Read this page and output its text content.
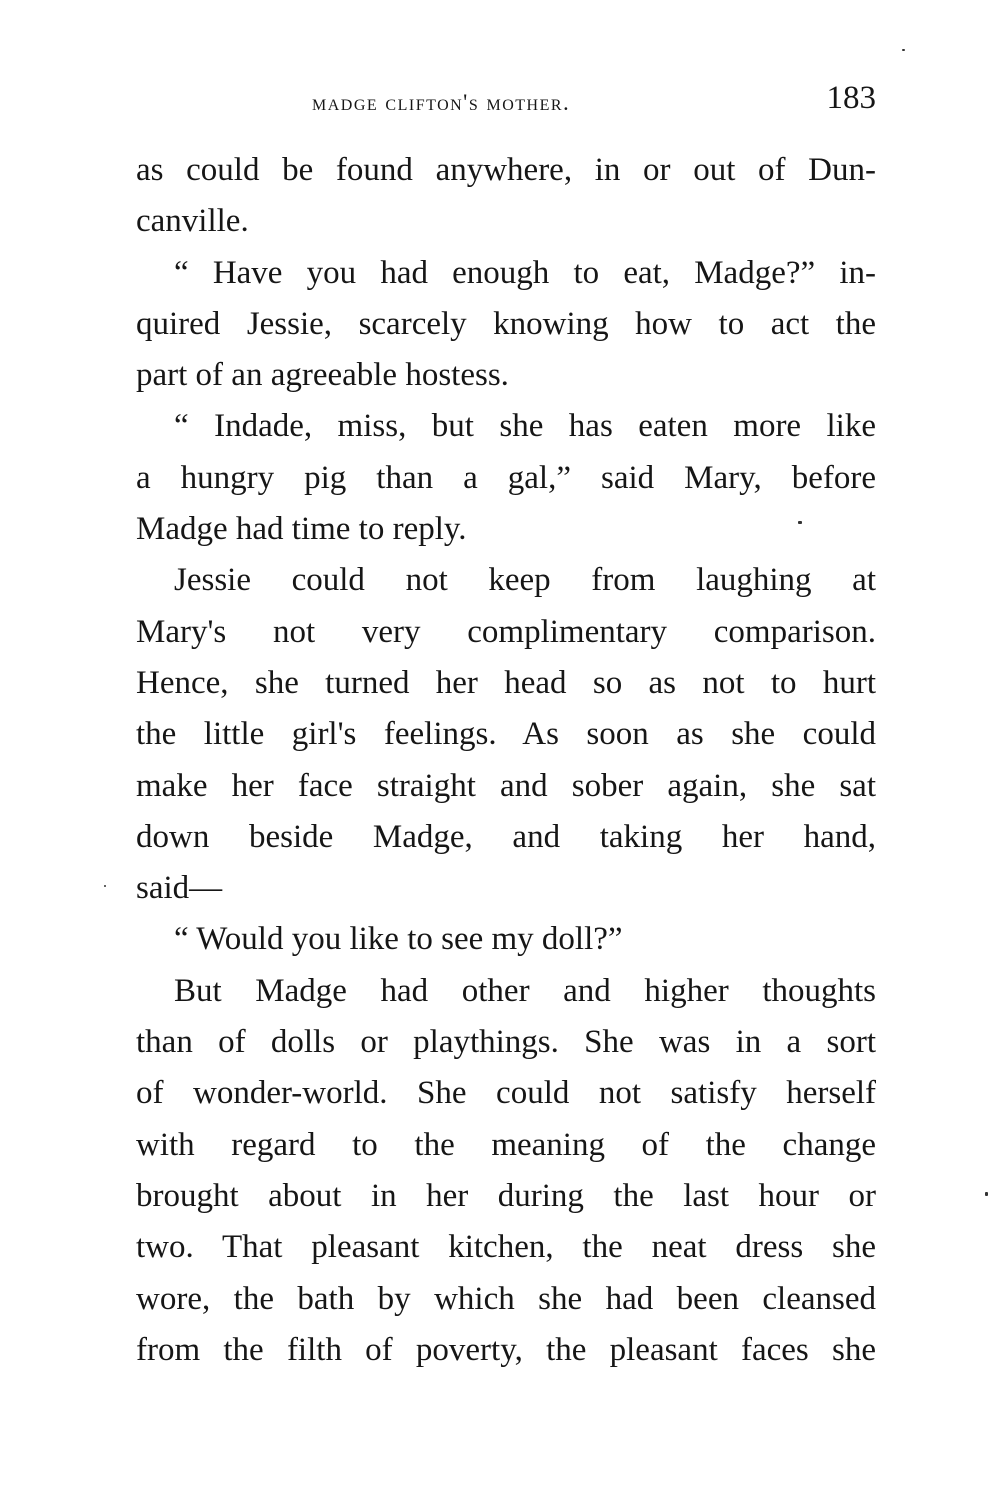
madge clifton's mother.	183
as could be found anywhere, in or out of Dun-
canville.
“ Have you had enough to eat, Madge?” in-
quired Jessie, scarcely knowing how to act the
part of an agreeable hostess.
“ Indade, miss, but she has eaten more like
a hungry pig than a gal,” said Mary, before
Madge had time to reply.
Jessie could not keep from laughing at
Mary's not very complimentary comparison.
Hence, she turned her head so as not to hurt
the little girl's feelings. As soon as she could
make her face straight and sober again, she sat
down beside Madge, and taking her hand,
said—
“ Would you like to see my doll?”
But Madge had other and higher thoughts
than of dolls or playthings. She was in a sort
of wonder-world. She could not satisfy herself
with regard to the meaning of the change
brought about in her during the last hour or
two. That pleasant kitchen, the neat dress she
wore, the bath by which she had been cleansed
from the filth of poverty, the pleasant faces she
